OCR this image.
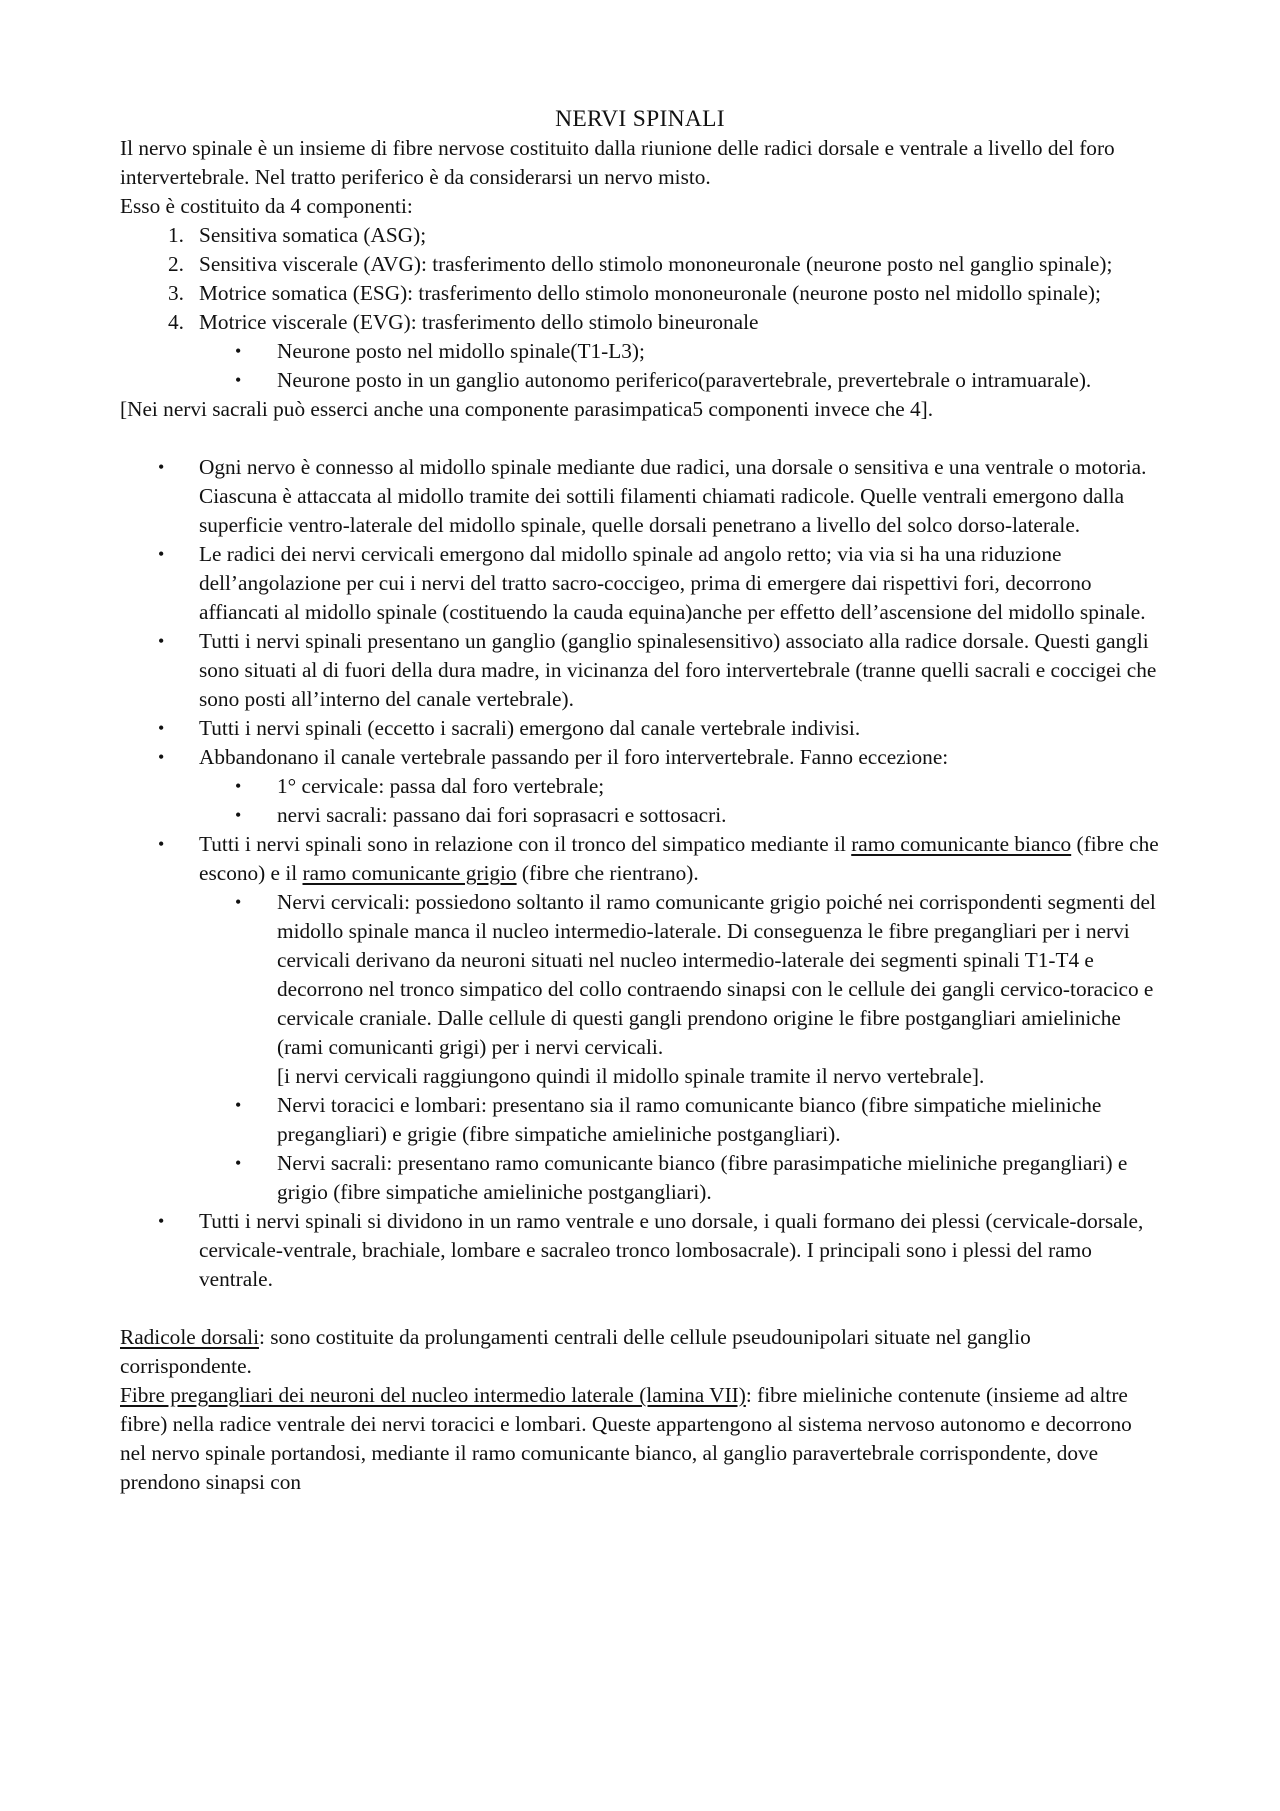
NERVI SPINALI

Il nervo spinale è un insieme di fibre nervose costituito dalla riunione delle radici dorsale e ventrale a livello del foro intervertebrale. Nel tratto periferico è da considerarsi un nervo misto.

Esso è costituito da 4 componenti:

1. Sensitiva somatica (ASG);
2. Sensitiva viscerale (AVG): trasferimento dello stimolo mononeuronale (neurone posto nel ganglio spinale);
3. Motrice somatica (ESG): trasferimento dello stimolo mononeuronale (neurone posto nel midollo spinale);
4. Motrice viscerale (EVG): trasferimento dello stimolo bineuronale
• Neurone posto nel midollo spinale(T1-L3);
• Neurone posto in un ganglio autonomo periferico(paravertebrale, prevertebrale o intramuarale).

[Nei nervi sacrali può esserci anche una componente parasimpatica5 componenti invece che 4].

• Ogni nervo è connesso al midollo spinale mediante due radici, una dorsale o sensitiva e una ventrale o motoria. Ciascuna è attaccata al midollo tramite dei sottili filamenti chiamati radicole. Quelle ventrali emergono dalla superficie ventro-laterale del midollo spinale, quelle dorsali penetrano a livello del solco dorso-laterale.
• Le radici dei nervi cervicali emergono dal midollo spinale ad angolo retto; via via si ha una riduzione dell’angolazione per cui i nervi del tratto sacro-coccigeo, prima di emergere dai rispettivi fori, decorrono affiancati al midollo spinale (costituendo la cauda equina)anche per effetto dell’ascensione del midollo spinale.
• Tutti i nervi spinali presentano un ganglio (ganglio spinalesensitivo) associato alla radice dorsale. Questi gangli sono situati al di fuori della dura madre, in vicinanza del foro intervertebrale (tranne quelli sacrali e coccigei che sono posti all’interno del canale vertebrale).
• Tutti i nervi spinali (eccetto i sacrali) emergono dal canale vertebrale indivisi.
• Abbandonano il canale vertebrale passando per il foro intervertebrale. Fanno eccezione:
• 1° cervicale: passa dal foro vertebrale;
• nervi sacrali: passano dai fori soprasacri e sottosacri.
• Tutti i nervi spinali sono in relazione con il tronco del simpatico mediante il ramo comunicante bianco (fibre che escono) e il ramo comunicante grigio (fibre che rientrano).
• Nervi cervicali: possiedono soltanto il ramo comunicante grigio poiché nei corrispondenti segmenti del midollo spinale manca il nucleo intermedio-laterale. Di conseguenza le fibre pregangliari per i nervi cervicali derivano da neuroni situati nel nucleo intermedio-laterale dei segmenti spinali T1-T4 e decorrono nel tronco simpatico del collo contraendo sinapsi con le cellule dei gangli cervico-toracico e cervicale craniale. Dalle cellule di questi gangli prendono origine le fibre postgangliari amieliniche (rami comunicanti grigi) per i nervi cervicali.
[i nervi cervicali raggiungono quindi il midollo spinale tramite il nervo vertebrale].
• Nervi toracici e lombari: presentano sia il ramo comunicante bianco (fibre simpatiche mieliniche pregangliari) e grigie (fibre simpatiche amieliniche postgangliari).
• Nervi sacrali: presentano ramo comunicante bianco (fibre parasimpatiche mieliniche pregangliari) e grigio (fibre simpatiche amieliniche postgangliari).
• Tutti i nervi spinali si dividono in un ramo ventrale e uno dorsale, i quali formano dei plessi (cervicale-dorsale, cervicale-ventrale, brachiale, lombare e sacraleo tronco lombosacrale). I principali sono i plessi del ramo ventrale.

Radicole dorsali: sono costituite da prolungamenti centrali delle cellule pseudounipolari situate nel ganglio corrispondente.

Fibre pregangliari dei neuroni del nucleo intermedio laterale (lamina VII): fibre mieliniche contenute (insieme ad altre fibre) nella radice ventrale dei nervi toracici e lombari. Queste appartengono al sistema nervoso autonomo e decorrono nel nervo spinale portandosi, mediante il ramo comunicante bianco, al ganglio paravertebrale corrispondente, dove prendono sinapsi con
